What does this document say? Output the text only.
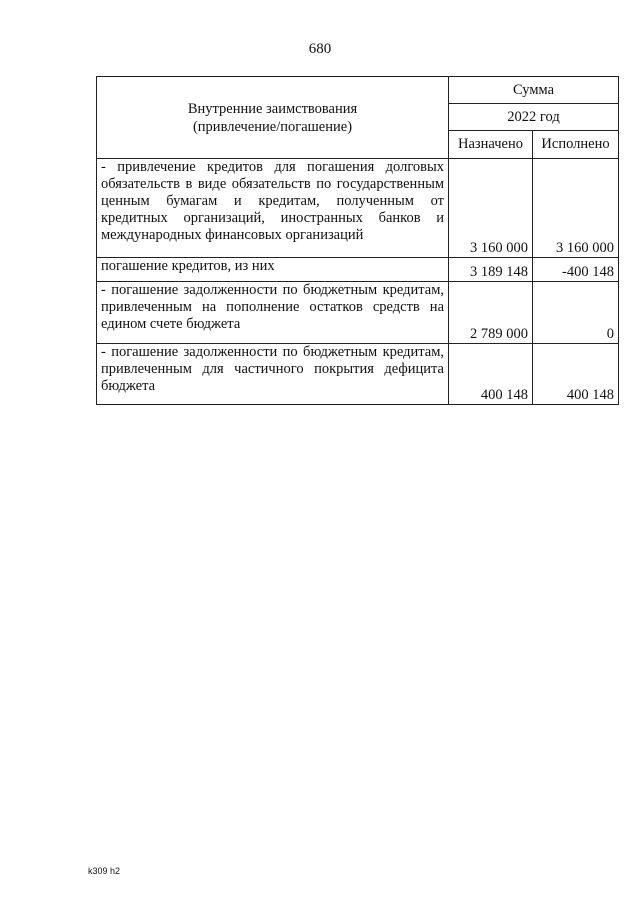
680
Внутренние заимствования
(привлечение/погашение)	Сумма	
	2022 год	
	Назначено	Исполнено
- привлечение кредитов для погашения долговых обязательств в виде обязательств по государственным ценным бумагам и кредитам, полученным от кредитных организаций, иностранных банков и международных финансовых организаций	3 160 000	3 160 000
погашение кредитов, из них	3 189 148	-400 148
- погашение задолженности по бюджетным кредитам, привлеченным на пополнение остатков средств на едином счете бюджета	2 789 000	0
- погашение задолженности по бюджетным кредитам, привлеченным для частичного покрытия дефицита бюджета	400 148	400 148
k309 h2
